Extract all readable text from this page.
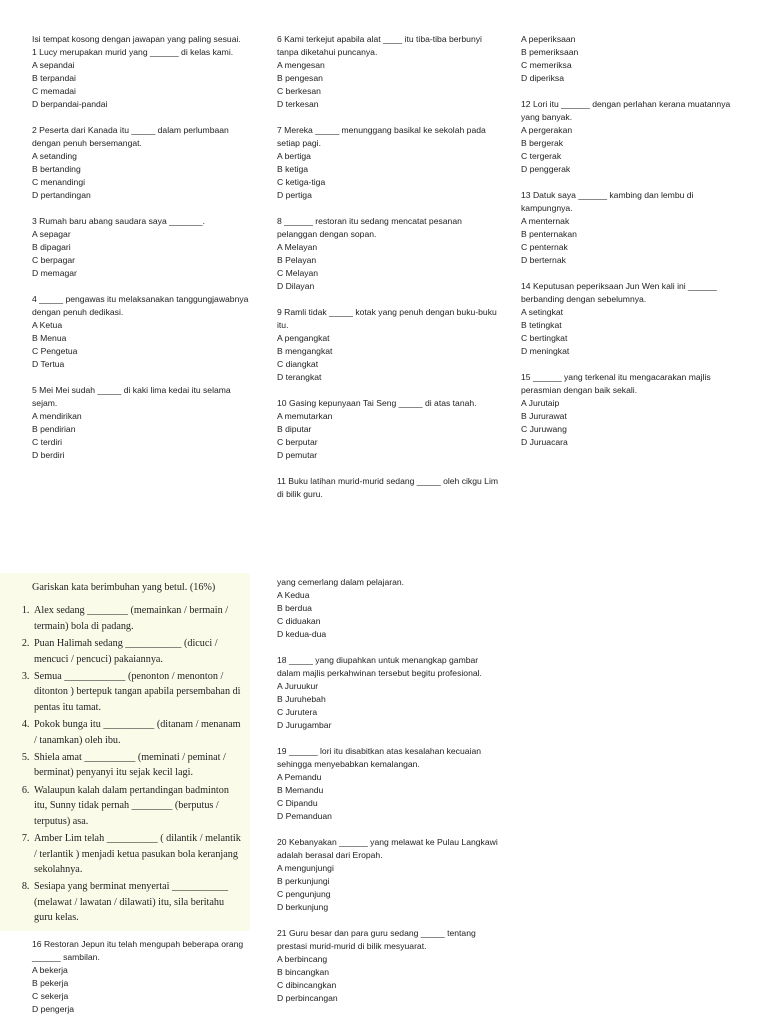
Isi tempat kosong dengan jawapan yang paling sesuai.

1 Lucy merupakan murid yang ______ di kelas kami.

A sepandai

B terpandai

C memadai

D berpandai-pandai

2 Peserta dari Kanada itu _____ dalam perlumbaan dengan penuh bersemangat.

A setanding

B bertanding

C menandingi

D pertandingan

3 Rumah baru abang saudara saya _______.

A sepagar

B dipagari

C berpagar

D memagar

4 _____ pengawas itu melaksanakan tanggungjawabnya dengan penuh dedikasi.

A Ketua

B Menua

C Pengetua

D Tertua

5 Mei Mei sudah _____ di kaki lima kedai itu selama sejam.

A mendirikan

B pendirian

C terdiri

D berdiri

6 Kami terkejut apabila alat ____ itu tiba-tiba berbunyi tanpa diketahui puncanya.

A mengesan

B pengesan

C berkesan

D terkesan

7 Mereka _____ menunggang basikal ke sekolah pada setiap pagi.

A bertiga

B ketiga

C ketiga-tiga

D pertiga

8 ______ restoran itu sedang mencatat pesanan pelanggan dengan sopan.

A Melayan

B Pelayan

C Melayan

D Dilayan

9 Ramli tidak _____ kotak yang penuh dengan buku-buku itu.

A pengangkat

B mengangkat

C diangkat

D terangkat

10 Gasing kepunyaan Tai Seng _____ di atas tanah.

A memutarkan

B diputar

C berputar

D pemutar

11 Buku latihan murid-murid sedang _____ oleh cikgu Lim di bilik guru.

A peperiksaan

B pemeriksaan

C memeriksa

D diperiksa

12 Lori itu ______ dengan perlahan kerana muatannya yang banyak.

A pergerakan

B bergerak

C tergerak

D penggerak

13 Datuk saya ______ kambing dan lembu di kampungnya.

A menternak

B penternakan

C penternak

D berternak

14 Keputusan peperiksaan Jun Wen kali ini ______ berbanding dengan sebelumnya.

A setingkat

B tetingkat

C bertingkat

D meningkat

15 ______ yang terkenal itu mengacarakan majlis perasmian dengan baik sekali.

A Jurutaip

B Jururawat

C Juruwang

D Juruacara

Gariskan kata berimbuhan yang betul. (16%)

1. Alex sedang ________ (memainkan / bermain / termain) bola di padang.
2. Puan Halimah sedang ___________ (dicuci / mencuci / pencuci) pakaiannya.
3. Semua ____________ (penonton / menonton / ditonton ) bertepuk tangan apabila persembahan di pentas itu tamat.
4. Pokok bunga itu __________ (ditanam / menanam / tanamkan) oleh ibu.
5. Shiela amat __________ (meminati / peminat / berminat) penyanyi itu sejak kecil lagi.
6. Walaupun kalah dalam pertandingan badminton itu, Sunny tidak pernah ________ (berputus / terputus) asa.
7. Amber Lim telah __________ ( dilantik / melantik / terlantik ) menjadi ketua pasukan bola keranjang sekolahnya.
8. Sesiapa yang berminat menyertai ___________ (melawat / lawatan / dilawati) itu, sila beritahu guru kelas.

yang cemerlang dalam pelajaran.

A Kedua

B berdua

C diduakan

D kedua-dua

18 _____ yang diupahkan untuk menangkap gambar dalam majlis perkahwinan tersebut begitu profesional.

A Juruukur

B Juruhebah

C Jurutera

D Jurugambar

19 ______ lori itu disabitkan atas kesalahan kecuaian sehingga menyebabkan kemalangan.

A Pemandu

B Memandu

C Dipandu

D Pemanduan

20 Kebanyakan ______ yang melawat ke Pulau Langkawi adalah berasal dari Eropah.

A mengunjungi

B perkunjungi

C pengunjung

D berkunjung

21 Guru besar dan para guru sedang _____ tentang prestasi murid-murid di bilik mesyuarat.

A berbincang

B bincangkan

C dibincangkan

D perbincangan

16 Restoran Jepun itu telah mengupah beberapa orang ______ sambilan.

A bekerja

B pekerja

C sekerja

D pengerja
